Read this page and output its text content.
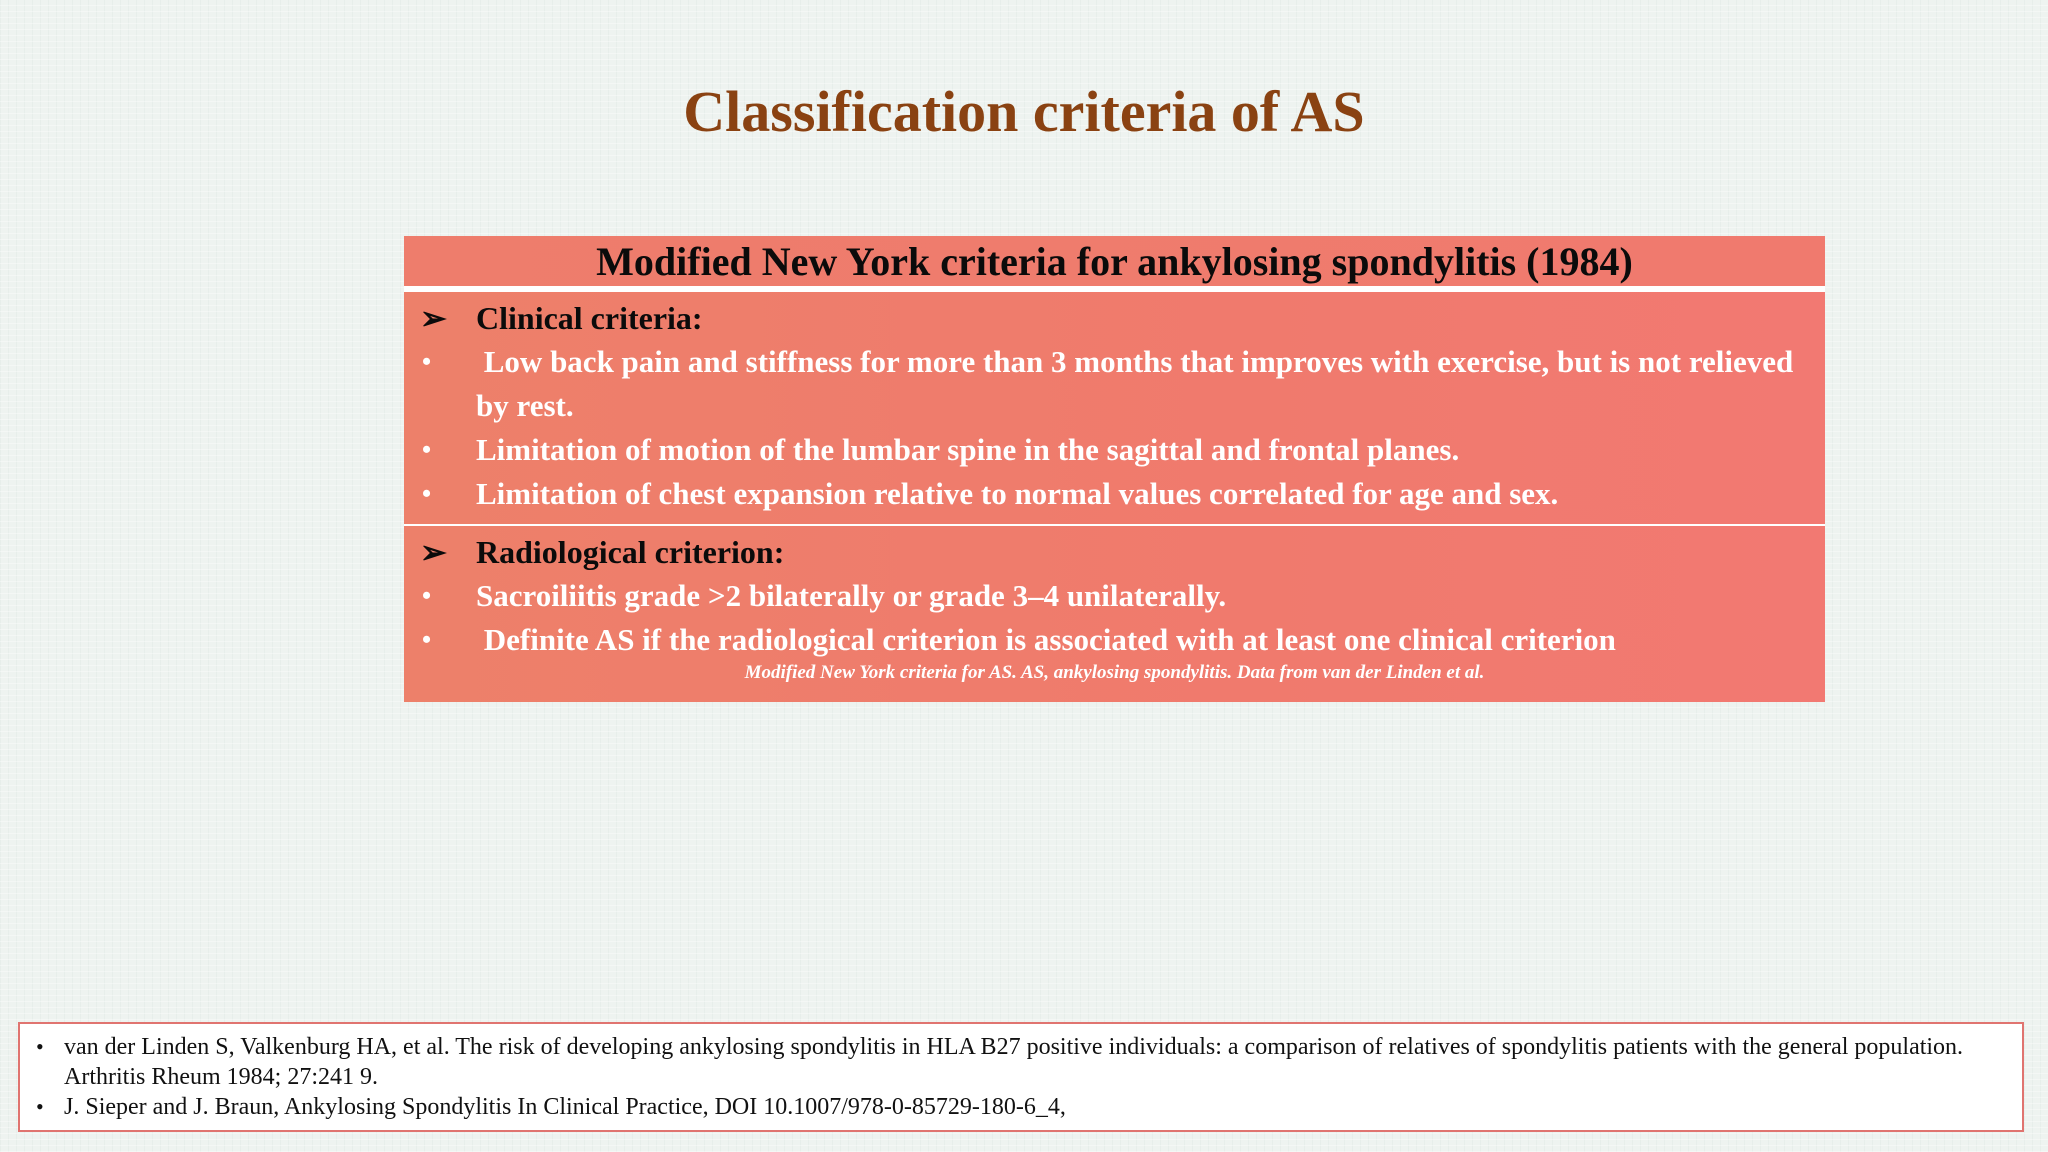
Classification criteria of AS
Modified New York criteria for ankylosing spondylitis (1984)
➢ Clinical criteria:
•	Low back pain and stiffness for more than 3 months that improves with exercise, but is not relieved by rest.
•	Limitation of motion of the lumbar spine in the sagittal and frontal planes.
•	Limitation of chest expansion relative to normal values correlated for age and sex.
➢ Radiological criterion:
•	Sacroiliitis grade >2 bilaterally or grade 3–4 unilaterally.
•	Definite AS if the radiological criterion is associated with at least one clinical criterion
Modified New York criteria for AS. AS, ankylosing spondylitis. Data from van der Linden et al.
• van der Linden S, Valkenburg HA, et al. The risk of developing ankylosing spondylitis in HLA B27 positive individuals: a comparison of relatives of spondylitis patients with the general population. Arthritis Rheum 1984; 27:241 9.
• J. Sieper and J. Braun, Ankylosing Spondylitis In Clinical Practice, DOI 10.1007/978-0-85729-180-6_4,
